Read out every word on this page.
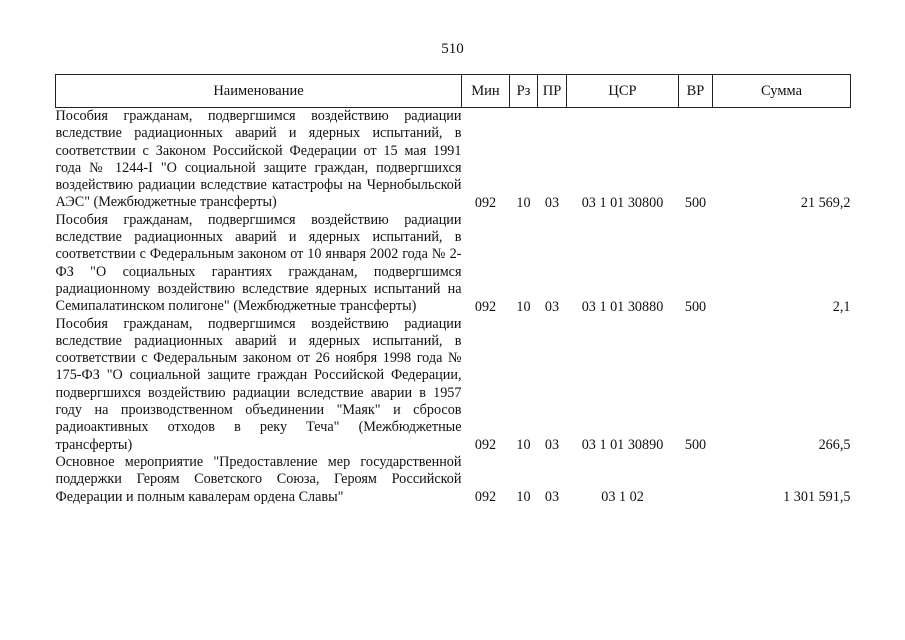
510
Наименование	Мин	Рз	ПР	ЦСР	ВР	Сумма
Пособия гражданам, подвергшимся воздействию радиации вследствие радиационных аварий и ядерных испытаний, в соответствии с Законом Российской Федерации от 15 мая 1991 года № 1244-I "О социальной защите граждан, подвергшихся воздействию радиации вследствие катастрофы на Чернобыльской АЭС" (Межбюджетные трансферты)	092	10	03	03 1 01 30800	500	21 569,2
Пособия гражданам, подвергшимся воздействию радиации вследствие радиационных аварий и ядерных испытаний, в соответствии с Федеральным законом от 10 января 2002 года № 2-ФЗ "О социальных гарантиях гражданам, подвергшимся радиационному воздействию вследствие ядерных испытаний на Семипалатинском полигоне" (Межбюджетные трансферты)	092	10	03	03 1 01 30880	500	2,1
Пособия гражданам, подвергшимся воздействию радиации вследствие радиационных аварий и ядерных испытаний, в соответствии с Федеральным законом от 26 ноября 1998 года № 175-ФЗ "О социальной защите граждан Российской Федерации, подвергшихся воздействию радиации вследствие аварии в 1957 году на производственном объединении "Маяк" и сбросов радиоактивных отходов в реку Теча" (Межбюджетные трансферты)	092	10	03	03 1 01 30890	500	266,5
Основное мероприятие "Предоставление мер государственной поддержки Героям Советского Союза, Героям Российской Федерации и полным кавалерам ордена Славы"	092	10	03	03 1 02		1 301 591,5
